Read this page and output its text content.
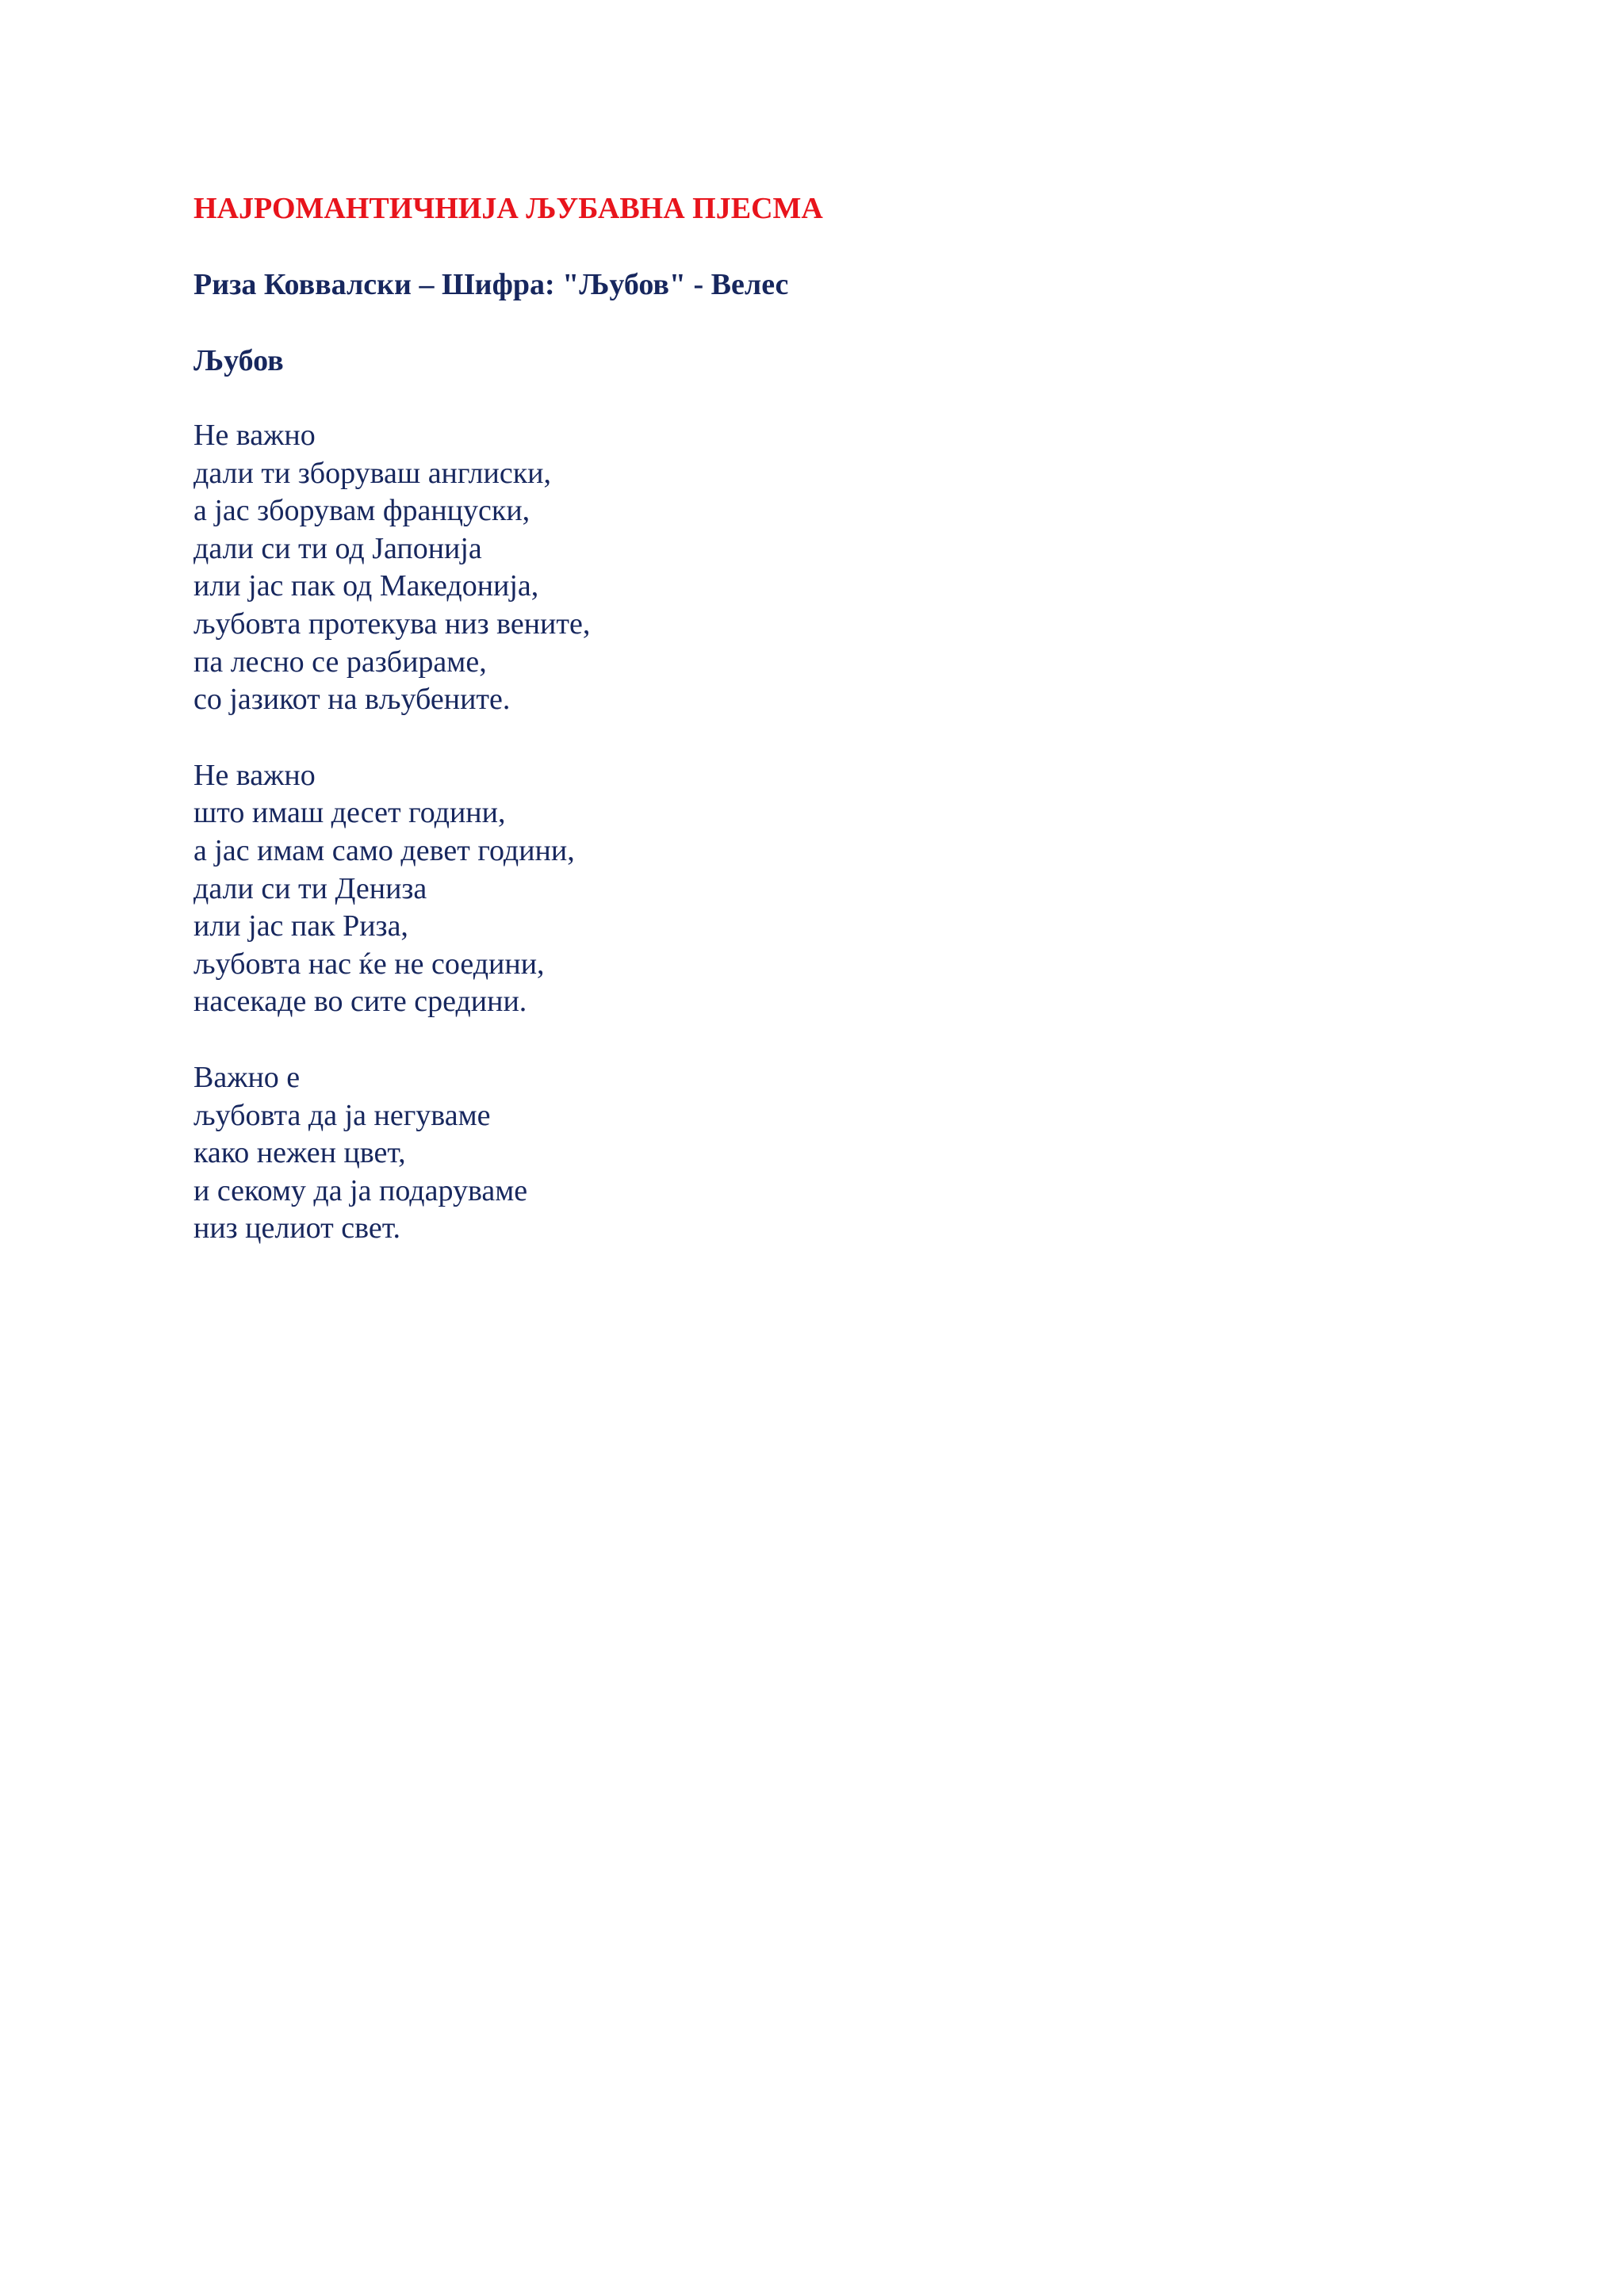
НАЈРОМАНТИЧНИЈА ЉУБАВНА ПЈЕСМА
Риза Коввалски – Шифра: "Љубов" - Велес
Љубов
Не важно
дали ти зборуваш англиски,
а јас зборувам француски,
дали си ти од Јапонија
или јас пак од Македонија,
љубовта протекува низ вените,
па лесно се разбираме,
со јазикот на вљубените.
Не важно
што имаш десет години,
а јас имам само девет години,
дали си ти Дениза
или јас пак Риза,
љубовта нас ќе не соедини,
насекаде во сите средини.
Важно е
љубовта да ја негуваме
како нежен цвет,
и секому да ја подаруваме
низ целиот свет.
